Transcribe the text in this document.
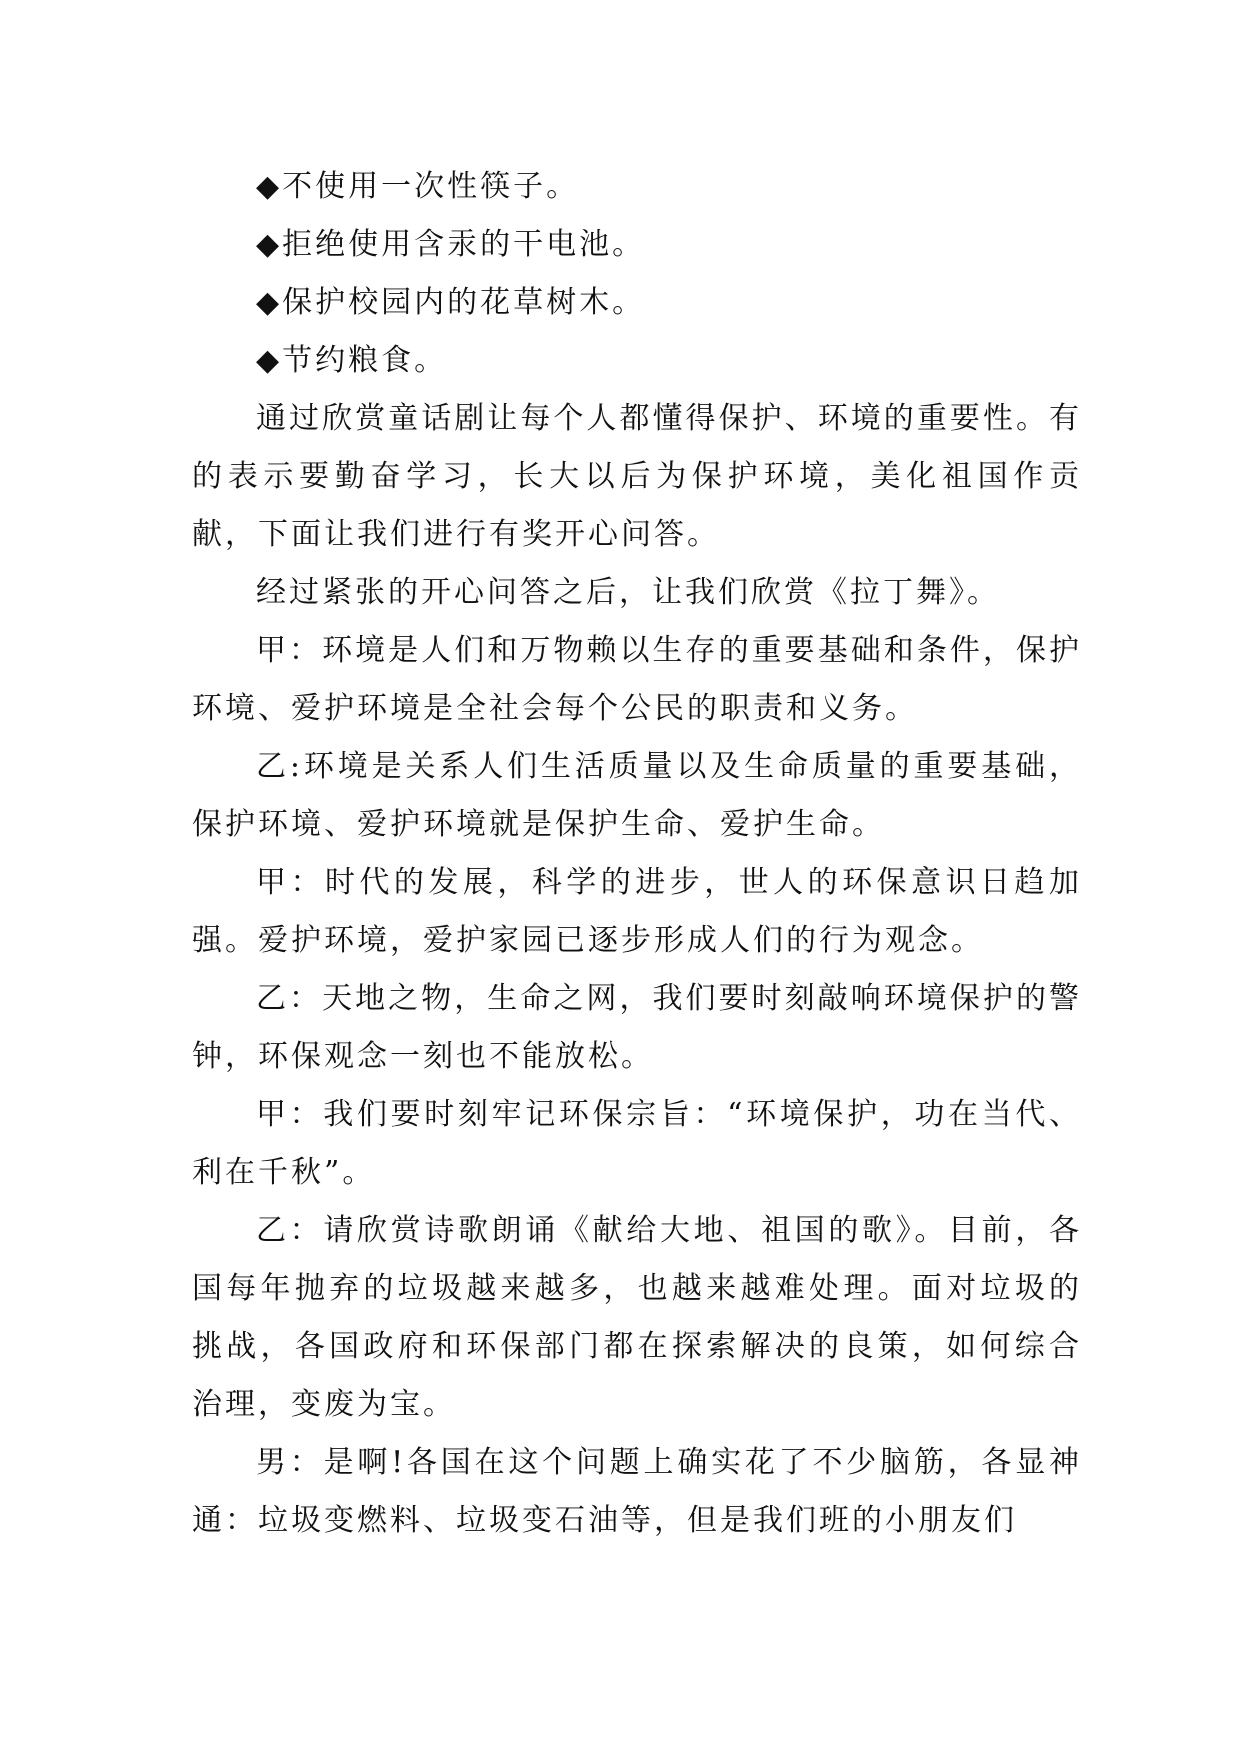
◆不使用一次性筷子。

◆拒绝使用含汞的干电池。

◆保护校园内的花草树木。

◆节约粮食。

通过欣赏童话剧让每个人都懂得保护、环境的重要性。有的表示要勤奋学习，长大以后为保护环境，美化祖国作贡献，下面让我们进行有奖开心问答。

经过紧张的开心问答之后，让我们欣赏《拉丁舞》。

甲：环境是人们和万物赖以生存的重要基础和条件，保护环境、爱护环境是全社会每个公民的职责和义务。

乙:环境是关系人们生活质量以及生命质量的重要基础，保护环境、爱护环境就是保护生命、爱护生命。

甲：时代的发展，科学的进步，世人的环保意识日趋加强。爱护环境，爱护家园已逐步形成人们的行为观念。

乙：天地之物，生命之网，我们要时刻敲响环境保护的警钟，环保观念一刻也不能放松。

甲：我们要时刻牢记环保宗旨：“环境保护，功在当代、利在千秋”。

乙：请欣赏诗歌朗诵《献给大地、祖国的歌》。目前，各国每年抛弃的垃圾越来越多，也越来越难处理。面对垃圾的挑战，各国政府和环保部门都在探索解决的良策，如何综合治理，变废为宝。

男：是啊!各国在这个问题上确实花了不少脑筋，各显神通：垃圾变燃料、垃圾变石油等，但是我们班的小朋友们
